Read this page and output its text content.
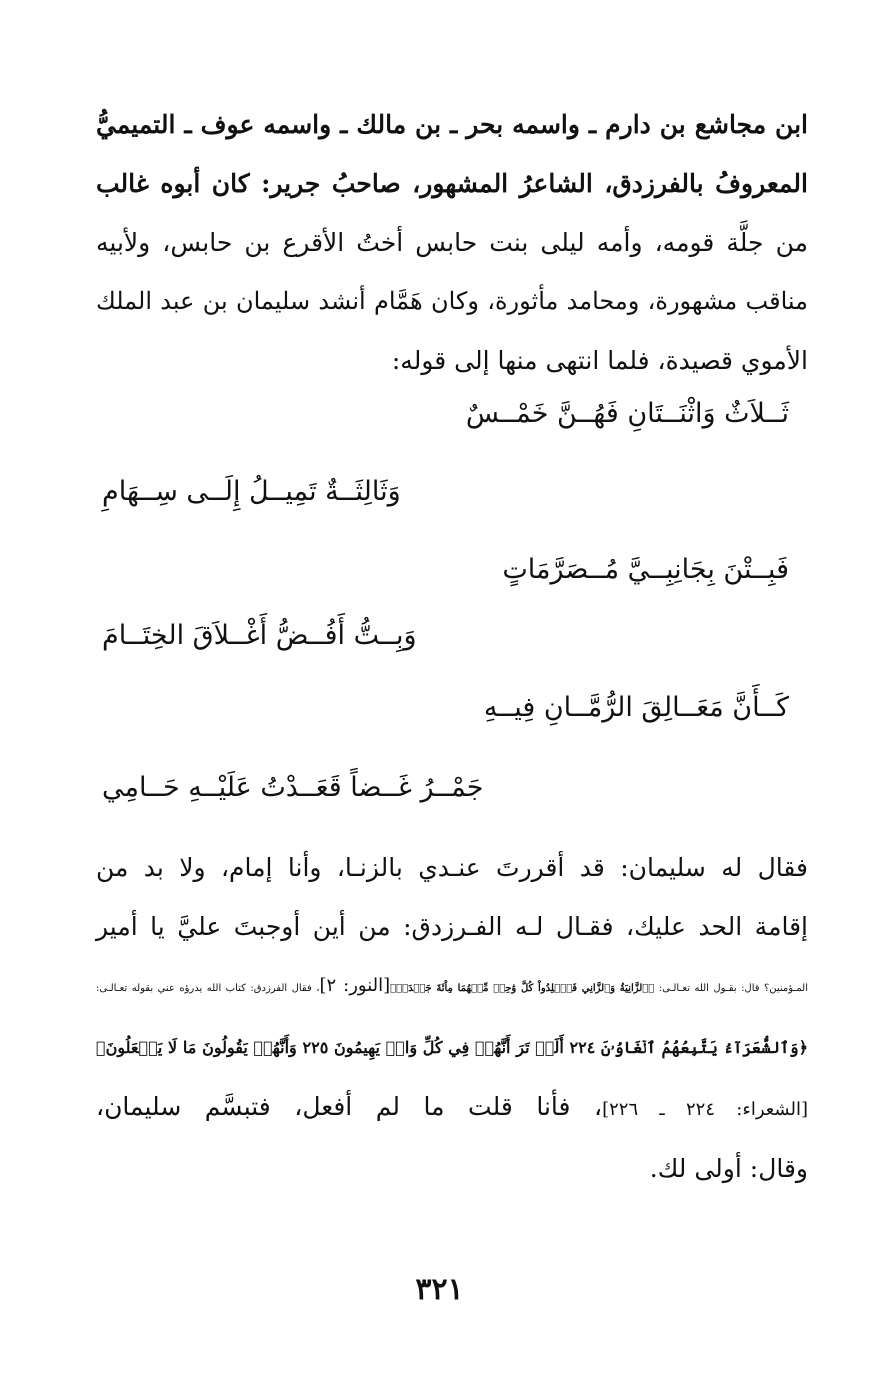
ابن مجاشع بن دارم ـ واسمه بحر ـ بن مالك ـ واسمه عوف ـ التميميُّ
المعروفُ بالفرزدق، الشاعرُ المشهور، صاحبُ جرير: كان أبوه غالب
من جلَّة قومه، وأمه ليلى بنت حابس أختُ الأقرع بن حابس، ولأبيه
مناقب مشهورة، ومحامد مأثورة، وكان هَمَّام أنشد سليمان بن عبد الملك
الأموي قصيدة، فلما انتهى منها إلى قوله:

ثَــلاَثٌ وَاثْنَــتَانِ فَهُــنَّ خَمْــسٌ

وَثَالِثَــةٌ تَمِيــلُ إِلَــى سِــهَامِ

فَبِــتْنَ بِجَانِبِــيَّ مُــصَرَّمَاتٍ

وَبِــتُّ أَفُــضُّ أَغْــلاَقَ الخِتَــامَ

كَــأَنَّ مَعَــالِقَ الرُّمَّــانِ فِيــهِ

جَمْــرُ غَــضاً قَعَــدْتُ عَلَيْــهِ حَــامِي

فقال له سليمان: قد أقررتَ عنـدي بالزنـا، وأنا إمام، ولا بد من
إقامة الحد عليك، فقـال لـه الفـرزدق: من أين أوجبتَ عليَّ يا أمير
المـؤمنين؟ قال: بقـول الله تعـالـى: ﴿ٱلزَّانِيَةُ وَٱلزَّانِي فَٱجۡلِدُواْ كُلَّ وَٰحِدٖ مِّنۡهُمَا مِاْئَةَ جَلۡدَةٖ﴾[النور: ٢]، فقال الفرزدق: كتاب الله يدرؤه عني بقوله تعـالـى:
﴿وَٱلشُّعَرَآءُ يَتَّبِعُهُمُ ٱلۡغَاوُۥنَ ٢٢٤ أَلَمۡ تَرَ أَنَّهُمۡ فِي كُلِّ وَادٖ يَهِيمُونَ ٢٢٥ وَأَنَّهُمۡ يَقُولُونَ مَا لَا يَفۡعَلُونَ﴾
[الشعراء: ٢٢٤ ـ ٢٢٦]، فأنا قلت ما لم أفعل، فتبسَّم سليمان،
وقال: أولى لك.

٣٢١
